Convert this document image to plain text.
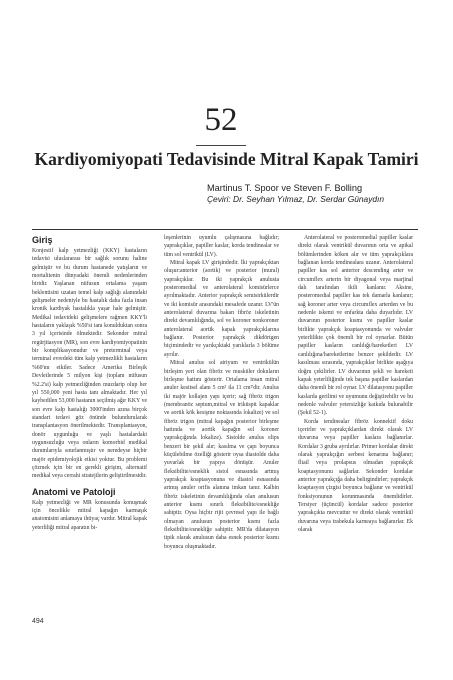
52
Kardiyomiyopati Tedavisinde Mitral Kapak Tamiri
Martinus T. Spoor ve Steven F. Bolling
Çeviri: Dr. Seyhan Yılmaz, Dr. Serdar Günaydın
Giriş

Konjestif kalp yetmezliği (KKY) hastaların tedavisi uluslararası bir sağlık sorunu haline gelmiştir ve bu durum hastanede yatışların ve mortalitenin dünyadaki önemli nedenlerinden biridir. Yaşlanan nüfusun ortalama yaşam beklentisini uzatan temel kalp sağlığı alanındaki gelişmeler nedeniyle bu hastalık daha fazla insan kronik kardiyak hastalıkla yaşar hale gelmiştir. Medikal tedavideki gelişmelere rağmen KKY'li hastaların yaklaşık %50'si tanı konulduktan sonra 3 yıl içerisinde ölmektedir. Sekonder mitral regürjitasyon (MR), son evre kardiyomiyopatinin bir komplikasyonudur ve preterminal veya terminal evredeki tüm kalp yetmezlikli hastaların %60'ını etkiler. Sadece Amerika Birleşik Devletlerinde 5 milyon kişi (toplam nüfusun %2.2'si) kalp yetmezliğinden muzdarip olup her yıl 550,000 yeni hasta tanı almaktadır. Her yıl kaybedilen 53,000 hastanın seçilmiş ağır KKY ve son evre kalp hastalığı 3000'inden azına birçok standart tedavi göz önünde bulundurularak transplantasyon önerilmektedir. Transplantasyon, donör uygunluğu ve yaşlı hastalardaki uygunsuzluğu veya onların komorbid medikal durumlarıyla sınırlanmıştır ve neredeyse hiçbir majör epidemiyolojik etkisi yoktur. Bu problemi çözmek için bir en gerekli girişim, alternatif medikal veya cerrahi stratejilerin geliştirilmesidir.

Anatomi ve Patoloji

Kalp yetmezliği ve MR konusunda konuşmak için öncelikle mitral kapağın karmaşık anatomisini anlamaya ihtiyaç vardır. Mitral kapak yeterliliği mitral aparatın bi-

leşenlerinin uyumlu çalışmasına bağlıdır; yaprakçıklar, papiller kaslar, korda tendinealar ve tüm sol ventrikül (LV).

Mitral kapak LV girişindedir. İki yaprakçıktan oluşur:anterior (aortik) ve posterior (mural) yaprakçıklar. Bu iki yaprakçık anulusta posteromedial ve anterolateral komisürlerce ayrılmaktadır. Anterior yaprakçık semisirkülerdir ve iki komisür arasındaki mesafede uzanır. LV'ün anterolateral duvarına bakan fibröz iskeletinin direkt devamlılığında, sol ve koroner nonkoroner anterolateral aortik kapak yaprakçıklarına bağlanır. Posterior yaprakçık dikdörtgen biçimindedir ve yarıkçıktaki yarıklarla 3 bölüme ayrılır.

Mitral anulus sol atriyum ve ventrikülün birleşim yeri olan fibröz ve musküler dokuların birleşme hattını gösterir. Ortalama insan mitral anuler kesitsel alanı 5 cm² ila 11 cm²'dir. Anulus iki majör kollajen yapı içerir; sağ fibröz trigon (membranöz septum,mitral ve triküspit kapaklar ve aortik kök kesişme noktasında lokalize) ve sol fibröz trigon (mitral kapağın posterior birleşme hattında ve aortik kapağın sol koroner yaprakçığında lokalize). Sistolde anulus elips benzeri bir şekil alır; kasılma ve çapı boyunca küçülebilme özelliği gösterir oysa diastolde daha yuvarlak bir yapıya dönüşür. Anuler fleksibilite/esneklik sistol esnasında artmış yaprakçık koaptasyonuna ve diastol esnasında artmış anuler orifis alanına imkan tanır. Kalbin fibröz iskeletinin devamlılığında olan anulusun anterior kısmı sınırlı fleksibilite/esnekliğe sahiptir. Oysa hiçbir rijit çevresel yapı ile bağlı olmayan anulusun posterior kısmı fazla fleksibilite/esnekliğe sahiptir. MR'da dilatasyon tipik olarak anulusun daha esnek posterior kısmı boyunca oluşmaktadır.

Anterolateral ve posteromedial papiller kaslar direkt olarak ventrikül duvarının orta ve apikal bölümlerinden köken alır ve tüm yaprakçıklara bağlanan korda tendinealara uzanır. Anterolateral papiller kas sol anterior descending arter ve circumflex arterin bir diyagonal veya marjinal dalı tarafından ikili kanlanır. Aksine, posteromedial papiller kas tek damarla kanlanır; sağ koroner arter veya circumflex arterden ve bu nedenle iskemi ve enfarkta daha duyarlıdır. LV duvarının posterior kısmı ve papiller kaslar birlikte yaprakçık koaptasyonunda ve valvuler yeterlilikte çok önemli bir rol oynarlar. Bütün papiller kasların canlılığı/hareketleri LV canlılığına/hareketlerine benzer şekildedir. LV kasılması sırasında, yaprakçıklar birlikte aşağıya doğru çekilirler. LV duvarının şekli ve hareketi kapak yeterliliğinde tek başına papiller kaslardan daha önemli bir rol oynar. LV dilatasyonu papiller kaslarda gerilimi ve uyumunu değiştirebilir ve bu nedenle valvuler yetersizliğe katkıda bulunabilir (Şekil 52-1).

Korda tendinealar fibröz konnektif doku içerirler ve yaprakçıklardan direkt olarak LV duvarına veya papiller kaslara bağlanırlar. Kordalar 3 gruba ayrılırlar. Primer kordalar direkt olarak yaprakçığın serbest kenarına bağlanır; fliail veya prolapsus olmadan yaprakçık koaptasyonunu sağlarlar. Sekonder kordalar anterior yaprakçığa daha belirgindirler; yaprakçık koaptasyon çizgisi boyunca bağlanır ve ventrikül fonksiyonunun korunmasında önemlidirler. Tersiyer (üçüncül) kordalar sadece posterior yaprakçıkta mevcuttur ve direkt olarak ventrikül duvarına veya trabekula karneaya bağlanırlar. Ek olarak

494
